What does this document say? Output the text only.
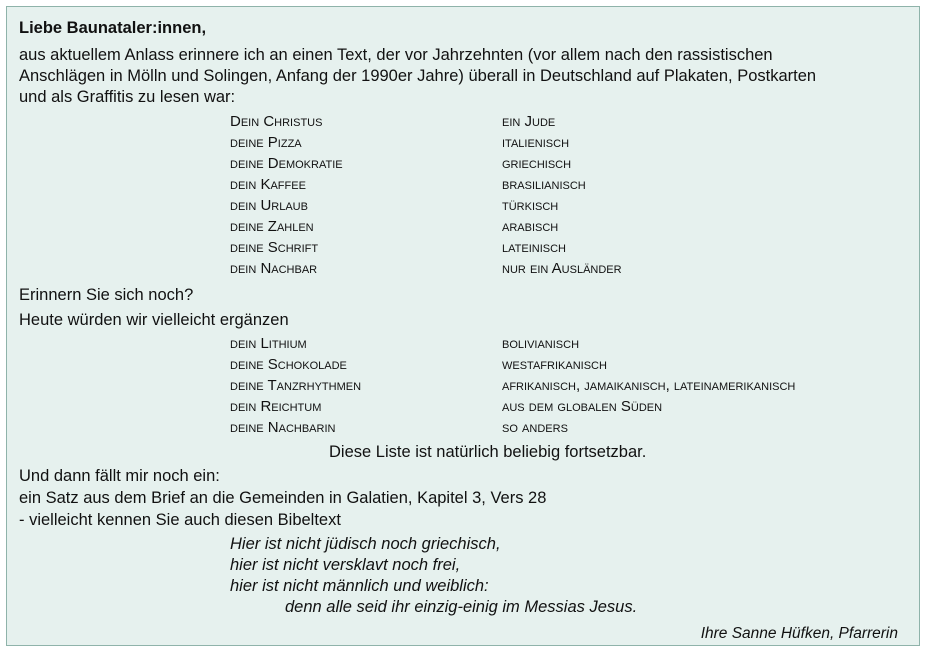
Liebe Baunataler:innen,
aus aktuellem Anlass erinnere ich an einen Text, der vor Jahrzehnten (vor allem nach den rassistischen
Anschlägen in Mölln und Solingen, Anfang der 1990er Jahre) überall in Deutschland auf Plakaten, Postkarten
und als Graffitis zu lesen war:
Dein Christus	ein Jude
deine Pizza	italienisch
deine Demokratie	griechisch
dein Kaffee	brasilianisch
dein Urlaub	türkisch
deine Zahlen	arabisch
deine Schrift	lateinisch
dein Nachbar	nur ein Ausländer
Erinnern Sie sich noch?
Heute würden wir vielleicht ergänzen
dein Lithium	bolivianisch
deine Schokolade	westafrikanisch
deine Tanzrhythmen	afrikanisch, jamaikanisch, lateinamerikanisch
dein Reichtum	aus dem globalen Süden
deine Nachbarin	so anders
Diese Liste ist natürlich beliebig fortsetzbar.
Und dann fällt mir noch ein:
ein Satz aus dem Brief an die Gemeinden in Galatien, Kapitel 3, Vers 28
- vielleicht kennen Sie auch diesen Bibeltext
Hier ist nicht jüdisch noch griechisch,
hier ist nicht versklavt noch frei,
hier ist nicht männlich und weiblich:
denn alle seid ihr einzig-einig im Messias Jesus.
Ihre Sanne Hüfken, Pfarrerin
